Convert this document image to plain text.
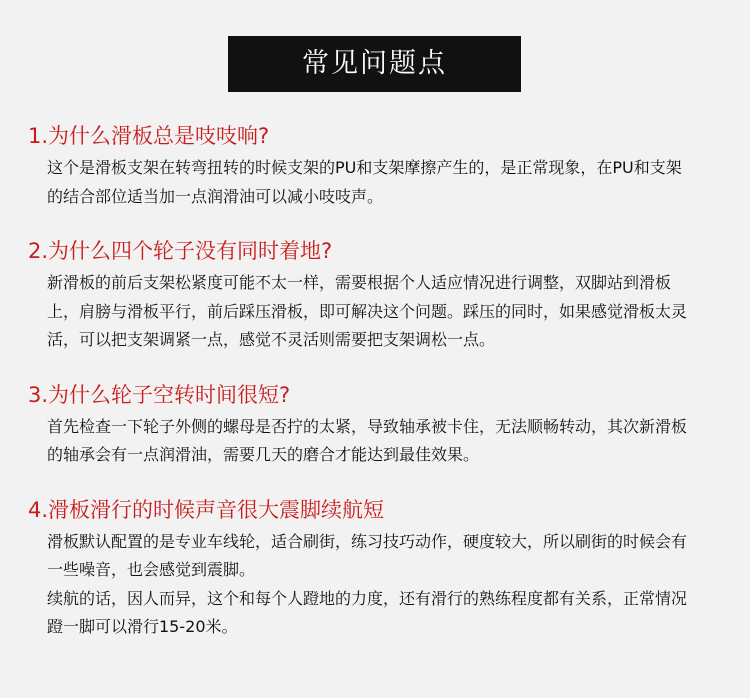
常见问题点
1.为什么滑板总是吱吱响?

这个是滑板支架在转弯扭转的时候支架的PU和支架摩擦产生的，是正常现象，在PU和支架的结合部位适当加一点润滑油可以减小吱吱声。

2.为什么四个轮子没有同时着地?

新滑板的前后支架松紧度可能不太一样，需要根据个人适应情况进行调整，双脚站到滑板上，肩膀与滑板平行，前后踩压滑板，即可解决这个问题。踩压的同时，如果感觉滑板太灵活，可以把支架调紧一点，感觉不灵活则需要把支架调松一点。

3.为什么轮子空转时间很短?

首先检查一下轮子外侧的螺母是否拧的太紧，导致轴承被卡住，无法顺畅转动，其次新滑板的轴承会有一点润滑油，需要几天的磨合才能达到最佳效果。

4.滑板滑行的时候声音很大震脚续航短

滑板默认配置的是专业车线轮，适合刷街，练习技巧动作，硬度较大，所以刷街的时候会有一些噪音，也会感觉到震脚。

续航的话，因人而异，这个和每个人蹬地的力度，还有滑行的熟练程度都有关系，正常情况蹬一脚可以滑行15-20米。
